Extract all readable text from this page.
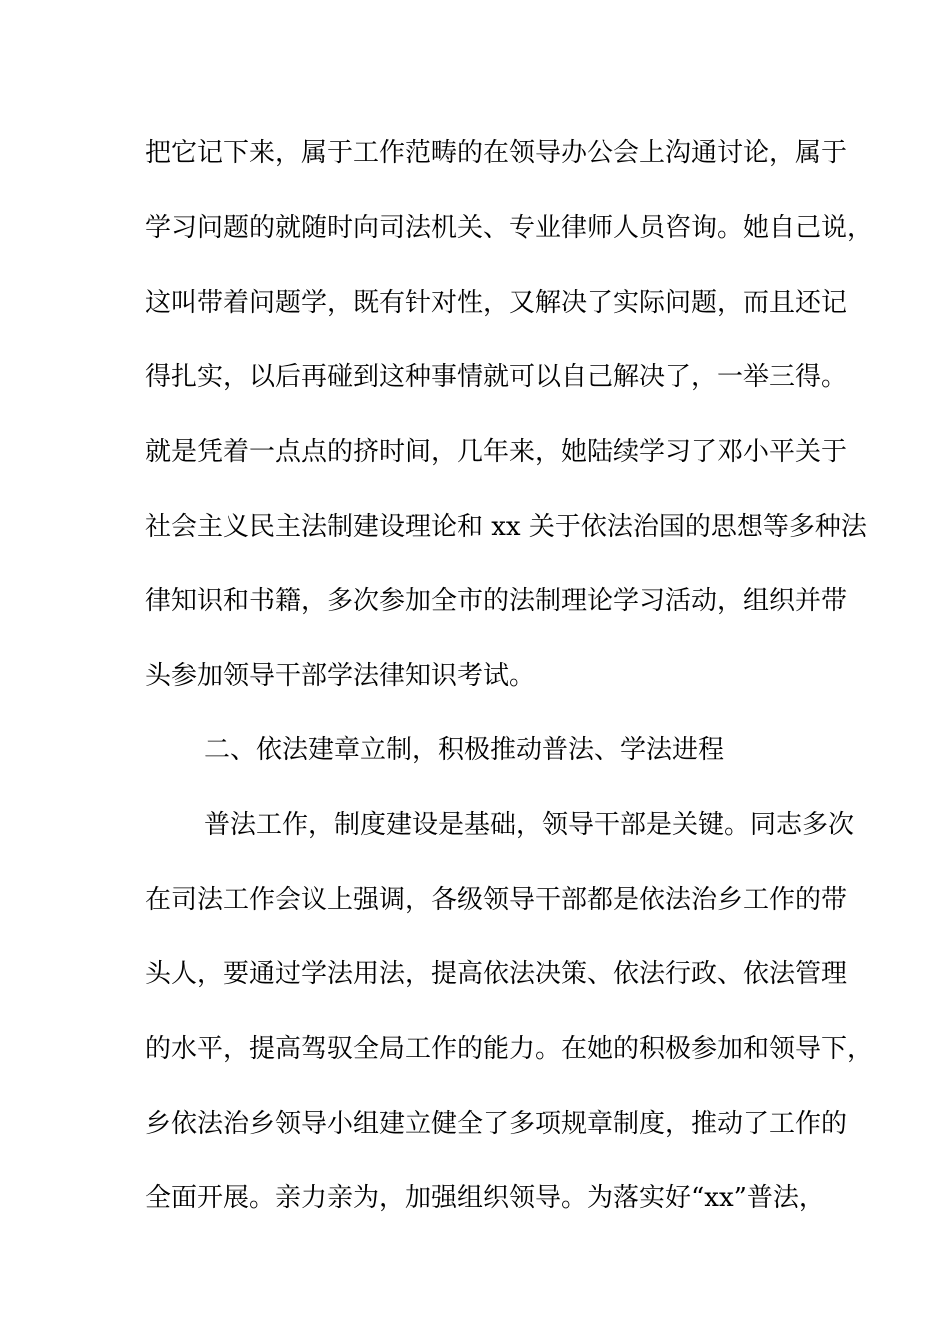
把它记下来，属于工作范畴的在领导办公会上沟通讨论，属于
学习问题的就随时向司法机关、专业律师人员咨询。她自己说，
这叫带着问题学，既有针对性，又解决了实际问题，而且还记
得扎实，以后再碰到这种事情就可以自己解决了，一举三得。
就是凭着一点点的挤时间，几年来，她陆续学习了邓小平关于
社会主义民主法制建设理论和 xx 关于依法治国的思想等多种法
律知识和书籍，多次参加全市的法制理论学习活动，组织并带
头参加领导干部学法律知识考试。
二、依法建章立制，积极推动普法、学法进程
普法工作，制度建设是基础，领导干部是关键。同志多次
在司法工作会议上强调，各级领导干部都是依法治乡工作的带
头人，要通过学法用法，提高依法决策、依法行政、依法管理
的水平，提高驾驭全局工作的能力。在她的积极参加和领导下，
乡依法治乡领导小组建立健全了多项规章制度，推动了工作的
全面开展。亲力亲为，加强组织领导。为落实好“xx”普法，
